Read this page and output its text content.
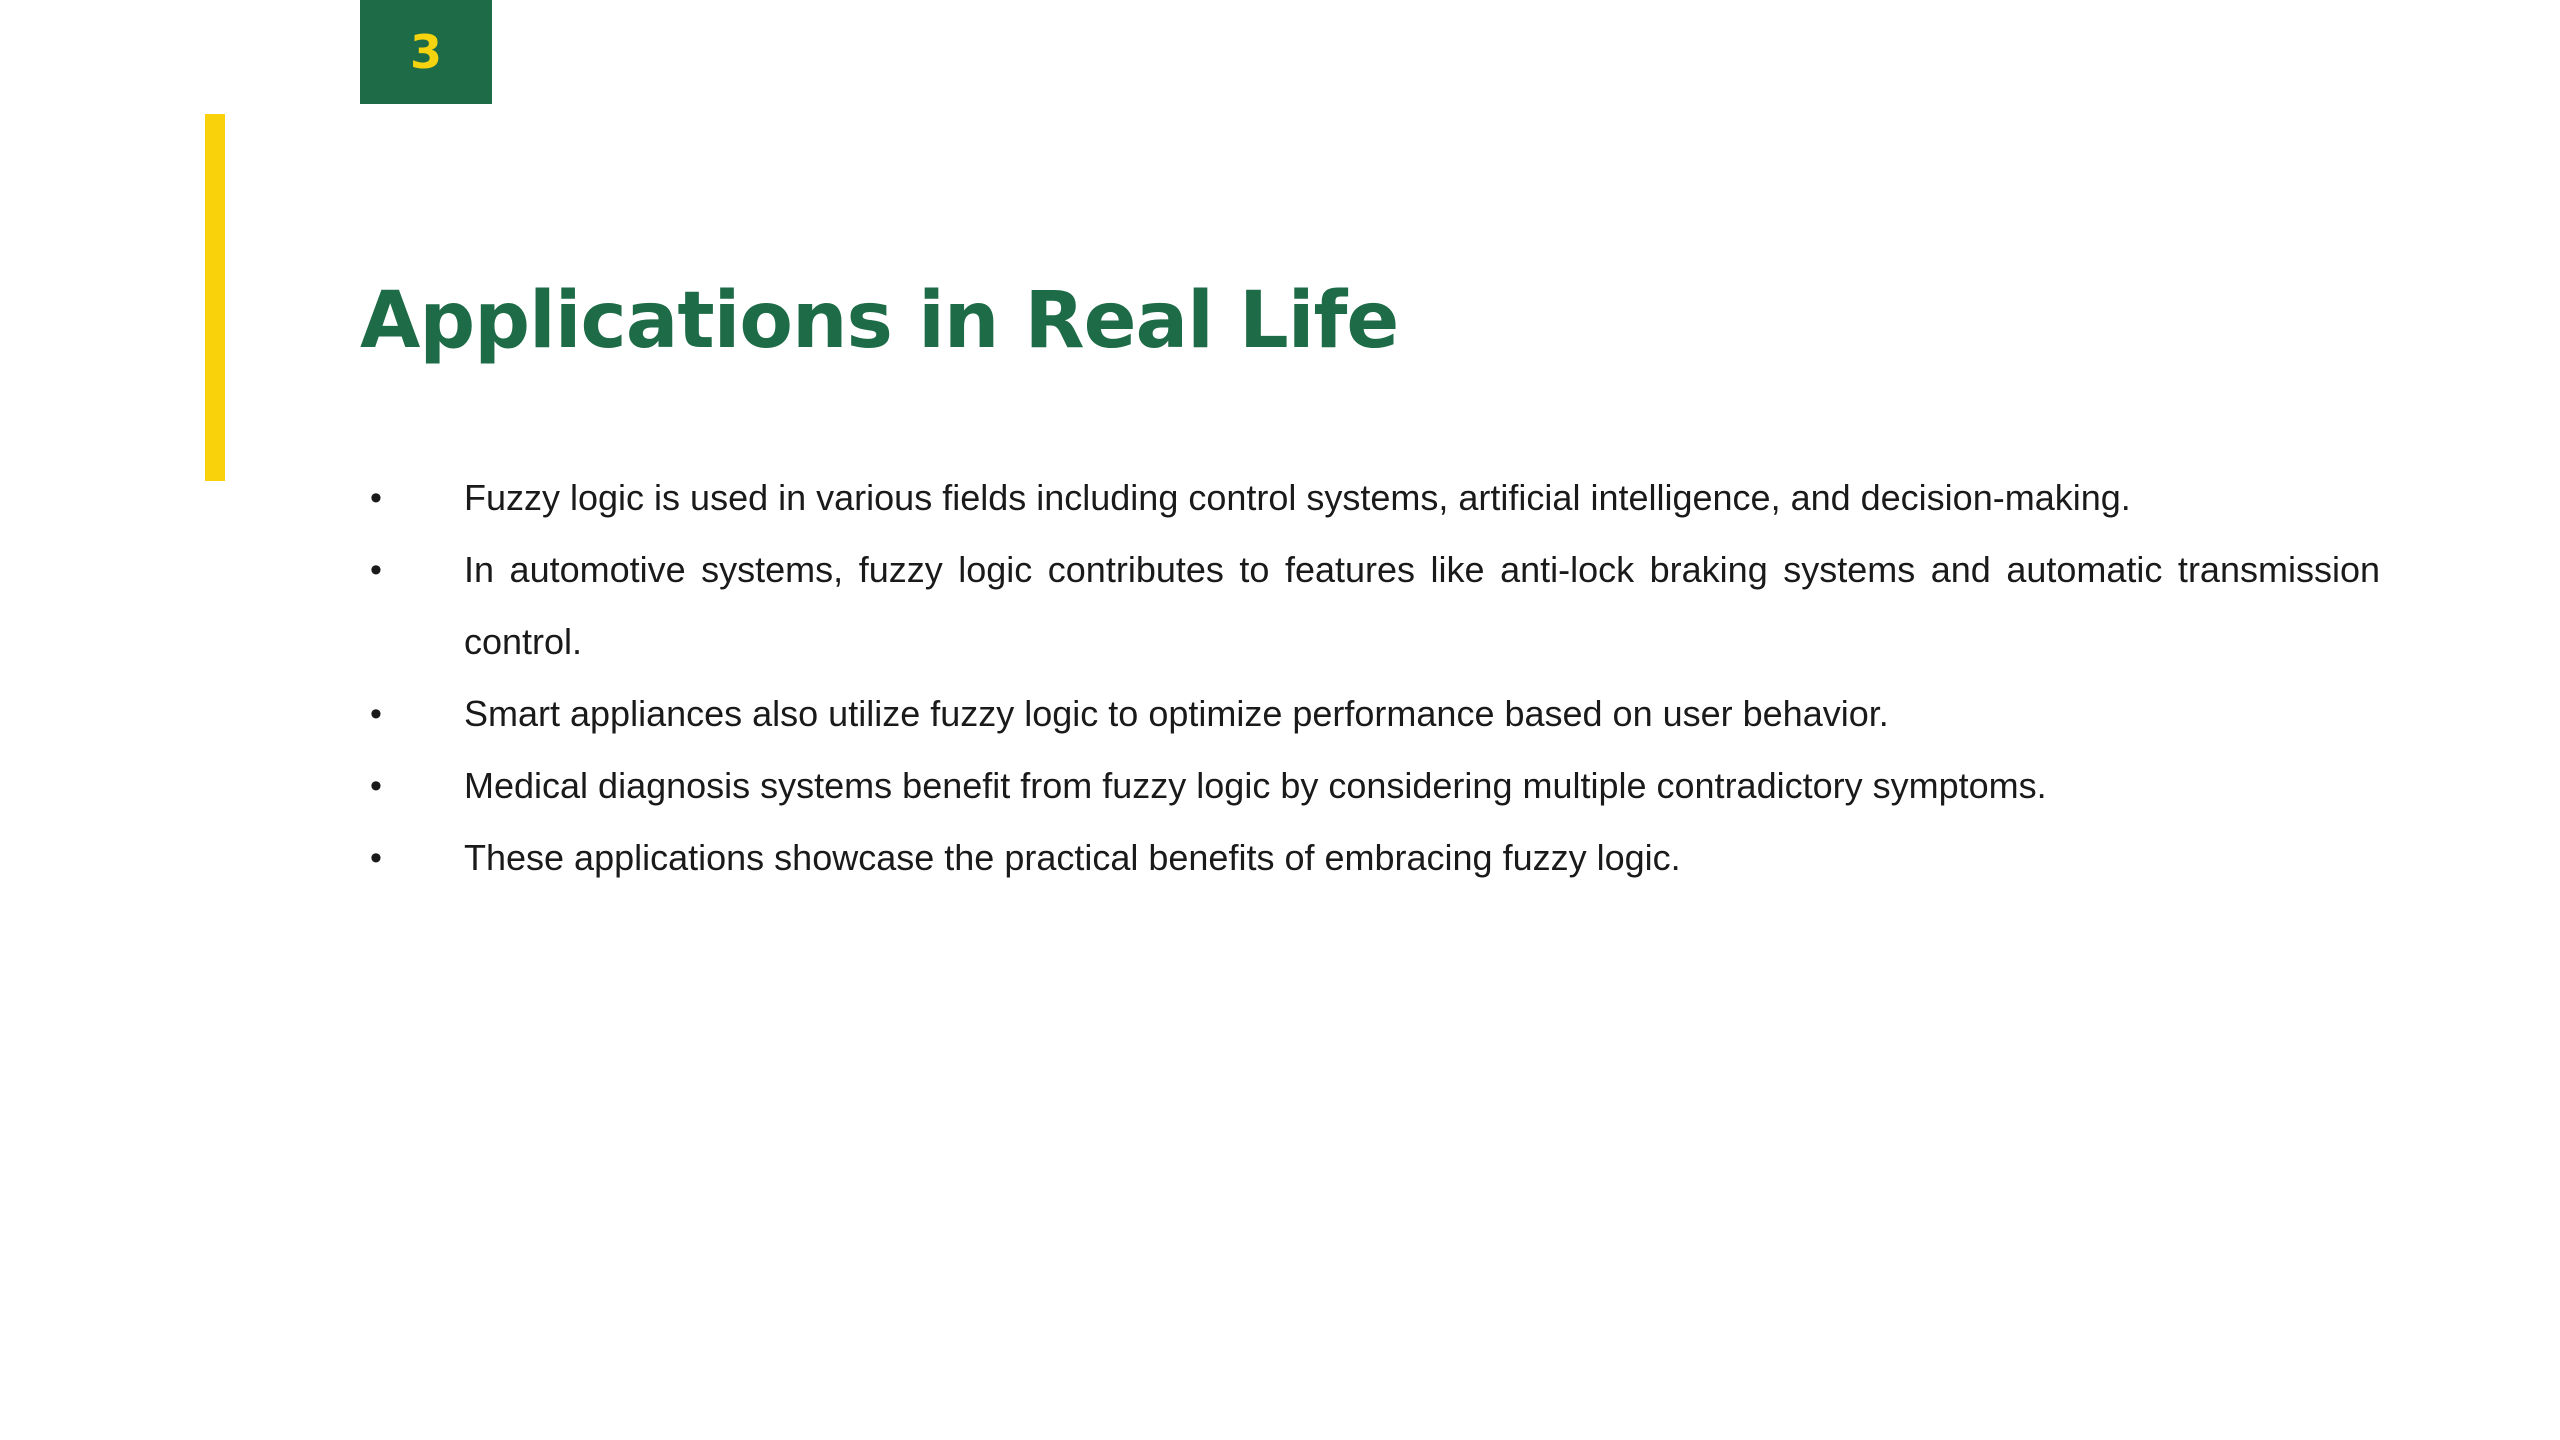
3
Applications in Real Life
• Fuzzy logic is used in various fields including control systems, artificial intelligence, and decision-making.
• In automotive systems, fuzzy logic contributes to features like anti-lock braking systems and automatic transmission control.
• Smart appliances also utilize fuzzy logic to optimize performance based on user behavior.
• Medical diagnosis systems benefit from fuzzy logic by considering multiple contradictory symptoms.
• These applications showcase the practical benefits of embracing fuzzy logic.
